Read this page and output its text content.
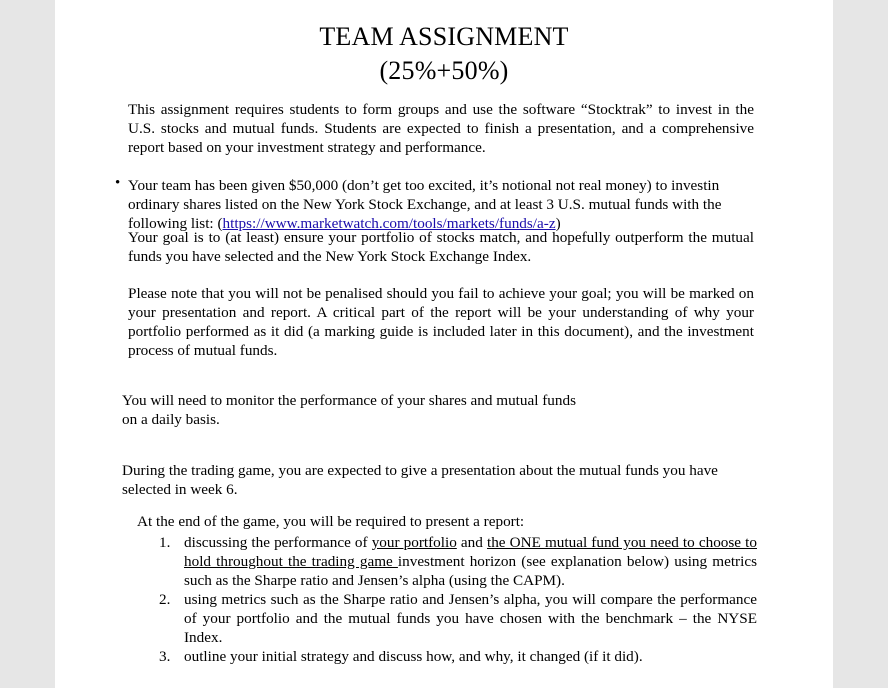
TEAM ASSIGNMENT
(25%+50%)

This assignment requires students to form groups and use the software “Stocktrak” to invest in the U.S. stocks and mutual funds. Students are expected to finish a presentation, and a comprehensive report based on your investment strategy and performance.

• Your team has been given $50,000 (don’t get too excited, it’s notional not real money) to investin ordinary shares listed on the New York Stock Exchange, and at least 3 U.S. mutual funds with the following list: (https://www.marketwatch.com/tools/markets/funds/a-z)

Your goal is to (at least) ensure your portfolio of stocks match, and hopefully outperform the mutual funds you have selected and the New York Stock Exchange Index.

Please note that you will not be penalised should you fail to achieve your goal; you will be marked on your presentation and report. A critical part of the report will be your understanding of why your portfolio performed as it did (a marking guide is included later in this document), and the investment process of mutual funds.

You will need to monitor the performance of your shares and mutual funds
on a daily basis.
During the trading game, you are expected to give a presentation about the mutual funds you have
selected in week 6.
At the end of the game, you will be required to present a report:
1. discussing the performance of your portfolio and the ONE mutual fund you need to choose to hold throughout the trading game investment horizon (see explanation below) using metrics such as the Sharpe ratio and Jensen’s alpha (using the CAPM).
2. using metrics such as the Sharpe ratio and Jensen’s alpha, you will compare the performance of your portfolio and the mutual funds you have chosen with the benchmark – the NYSE Index.
3. outline your initial strategy and discuss how, and why, it changed (if it did).
